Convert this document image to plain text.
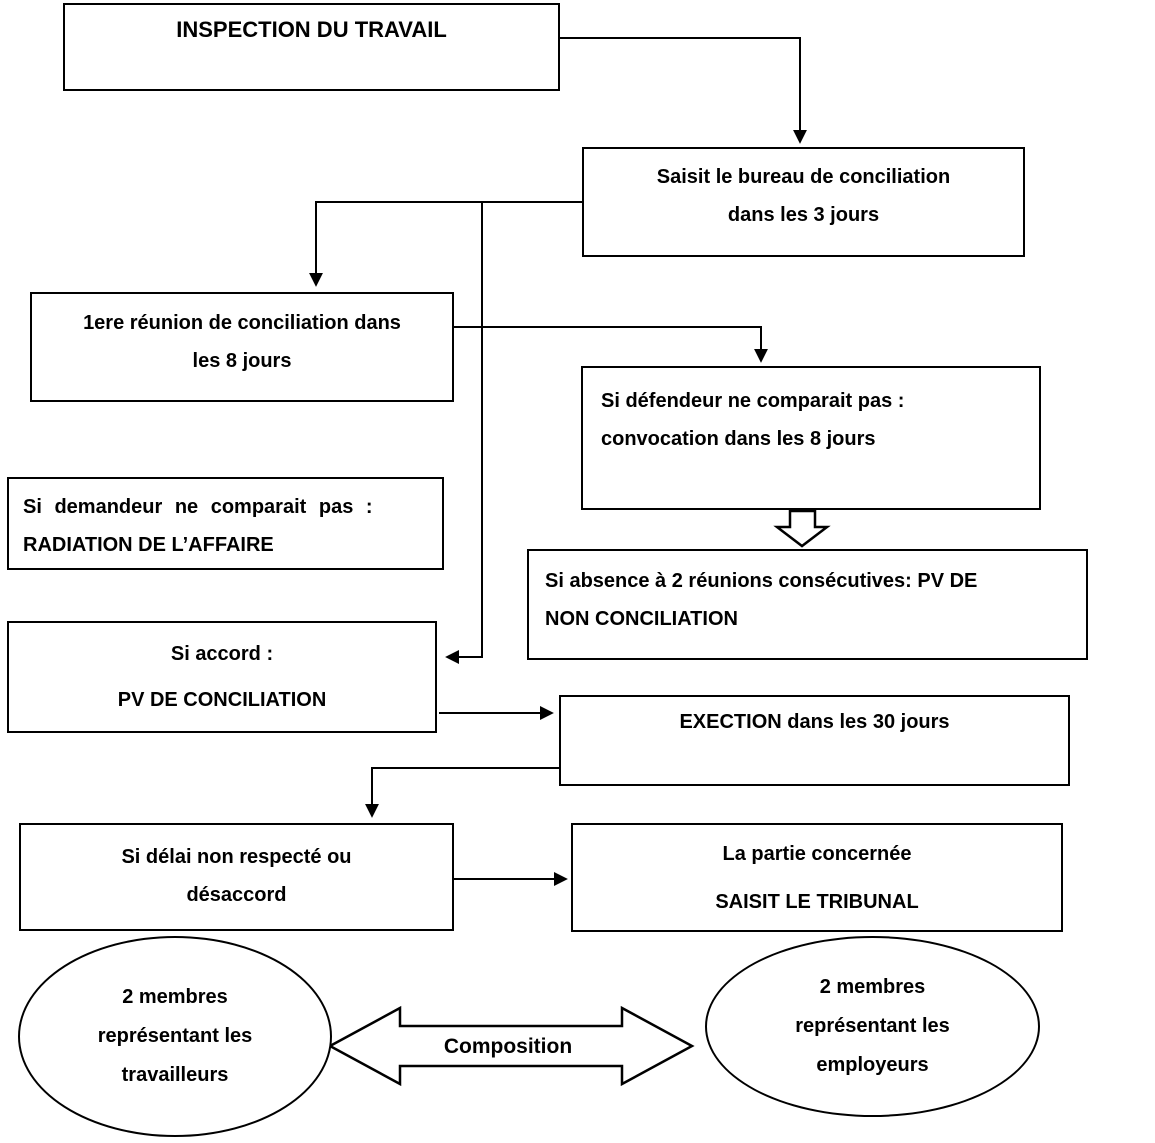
INSPECTION DU TRAVAIL
Saisit le bureau de conciliation
dans les 3 jours
1ere réunion de conciliation dans
les 8 jours
Si défendeur ne comparait pas :
convocation dans les 8 jours
Si demandeur ne comparait pas :
RADIATION DE L’AFFAIRE
Si absence à 2 réunions consécutives: PV DE
NON CONCILIATION
Si accord :
PV DE CONCILIATION
EXECTION dans les 30 jours
Si délai non respecté ou
désaccord
La partie concernée
SAISIT LE TRIBUNAL
2 membres
représentant les
travailleurs
2 membres
représentant les
employeurs
Composition
